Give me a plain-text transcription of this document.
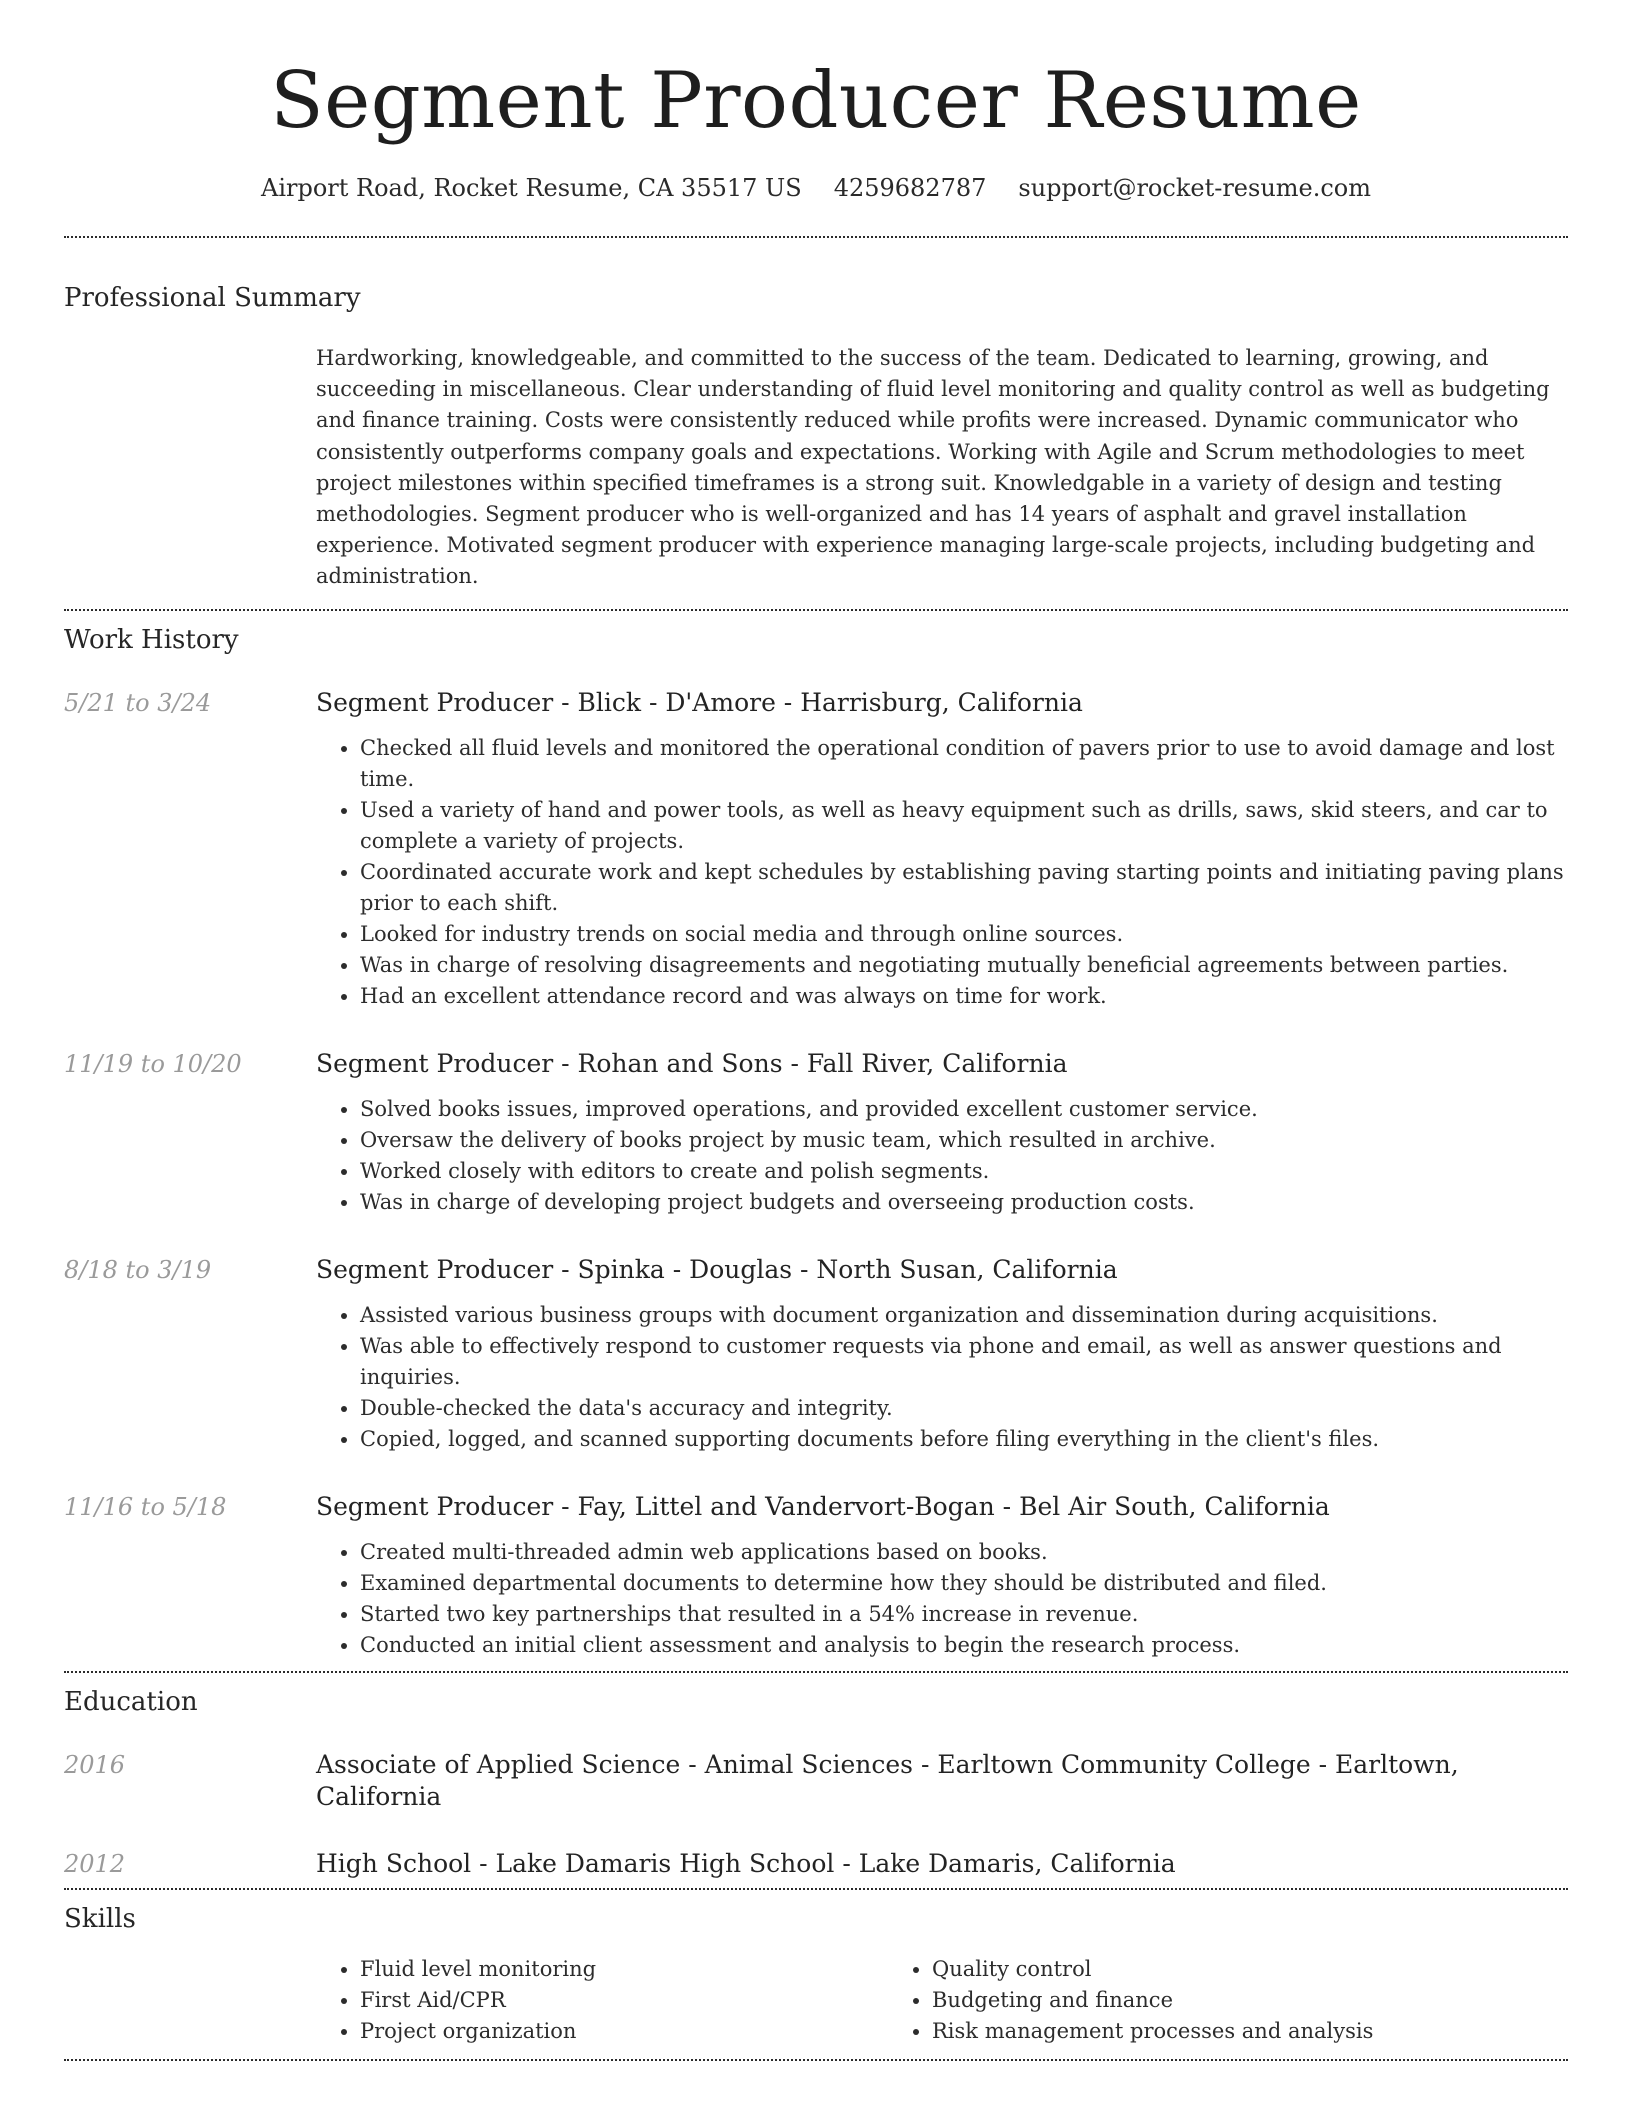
Segment Producer Resume
Airport Road, Rocket Resume, CA 35517 US 4259682787 support@rocket-resume.com
Professional Summary

Hardworking, knowledgeable, and committed to the success of the team. Dedicated to learning, growing, and succeeding in miscellaneous. Clear understanding of fluid level monitoring and quality control as well as budgeting and finance training. Costs were consistently reduced while profits were increased. Dynamic communicator who consistently outperforms company goals and expectations. Working with Agile and Scrum methodologies to meet project milestones within specified timeframes is a strong suit. Knowledgable in a variety of design and testing methodologies. Segment producer who is well-organized and has 14 years of asphalt and gravel installation experience. Motivated segment producer with experience managing large-scale projects, including budgeting and administration.

Work History
5/21 to 3/24	Segment Producer - Blick - D'Amore - Harrisburg, California
• Checked all fluid levels and monitored the operational condition of pavers prior to use to avoid damage and lost time.
• Used a variety of hand and power tools, as well as heavy equipment such as drills, saws, skid steers, and car to complete a variety of projects.
• Coordinated accurate work and kept schedules by establishing paving starting points and initiating paving plans prior to each shift.
• Looked for industry trends on social media and through online sources.
• Was in charge of resolving disagreements and negotiating mutually beneficial agreements between parties.
• Had an excellent attendance record and was always on time for work.
11/19 to 10/20	Segment Producer - Rohan and Sons - Fall River, California
• Solved books issues, improved operations, and provided excellent customer service.
• Oversaw the delivery of books project by music team, which resulted in archive.
• Worked closely with editors to create and polish segments.
• Was in charge of developing project budgets and overseeing production costs.
8/18 to 3/19	Segment Producer - Spinka - Douglas - North Susan, California
• Assisted various business groups with document organization and dissemination during acquisitions.
• Was able to effectively respond to customer requests via phone and email, as well as answer questions and inquiries.
• Double-checked the data's accuracy and integrity.
• Copied, logged, and scanned supporting documents before filing everything in the client's files.
11/16 to 5/18	Segment Producer - Fay, Littel and Vandervort-Bogan - Bel Air South, California
• Created multi-threaded admin web applications based on books.
• Examined departmental documents to determine how they should be distributed and filed.
• Started two key partnerships that resulted in a 54% increase in revenue.
• Conducted an initial client assessment and analysis to begin the research process.
Education
2016	Associate of Applied Science - Animal Sciences - Earltown Community College - Earltown, California
2012	High School - Lake Damaris High School - Lake Damaris, California
Skills
• Fluid level monitoring
• First Aid/CPR
• Project organization
• Quality control
• Budgeting and finance
• Risk management processes and analysis
